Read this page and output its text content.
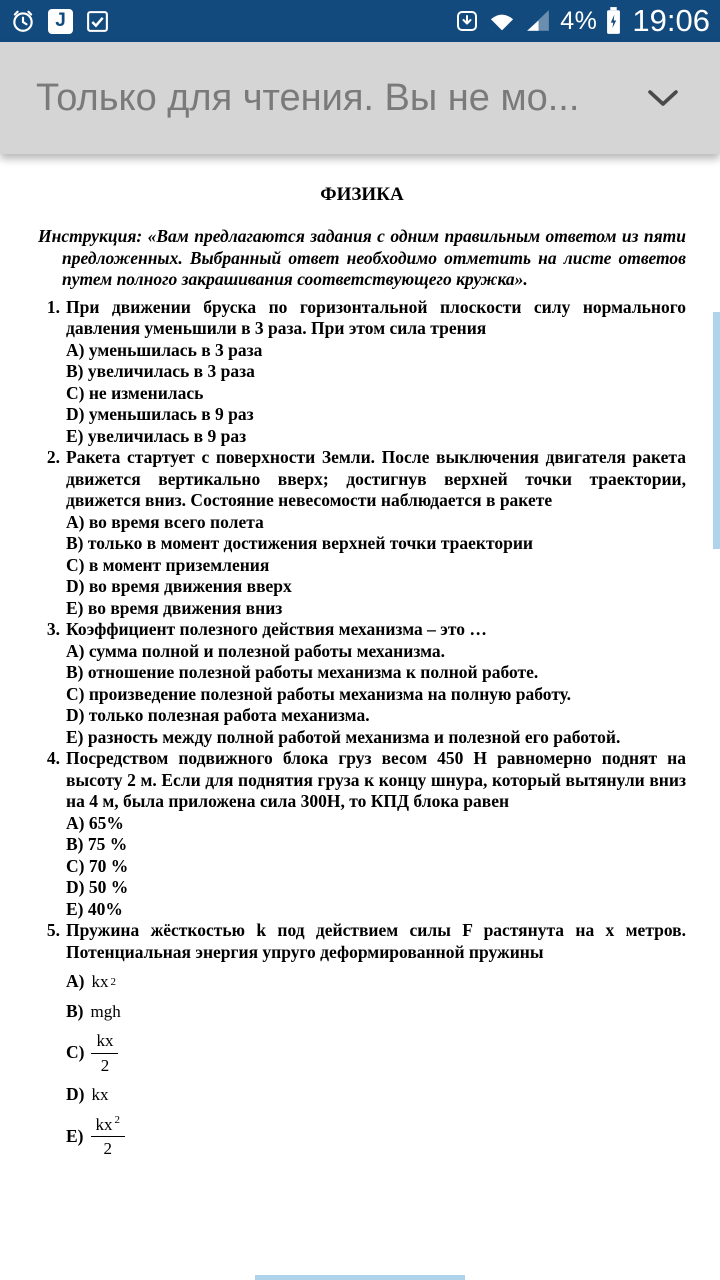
J	4% 19:06
Только для чтения. Вы не мо...
ФИЗИКА

Инструкция: «Вам предлагаются задания с одним правильным ответом из пяти предложенных. Выбранный ответ необходимо отметить на листе ответов путем полного закрашивания соответствующего кружка».

1. При движении бруска по горизонтальной плоскости силу нормального давления уменьшили в 3 раза. При этом сила трения
A) уменьшилась в 3 раза
B) увеличилась в 3 раза
C) не изменилась
D) уменьшилась в 9 раз
E) увеличилась в 9 раз
2. Ракета стартует с поверхности Земли. После выключения двигателя ракета движется вертикально вверх; достигнув верхней точки траектории, движется вниз. Состояние невесомости наблюдается в ракете
A) во время всего полета
B) только в момент достижения верхней точки траектории
C) в момент приземления
D) во время движения вверх
E) во время движения вниз
3. Коэффициент полезного действия механизма – это …
A) сумма полной и полезной работы механизма.
B) отношение полезной работы механизма к полной работе.
C) произведение полезной работы механизма на полную работу.
D) только полезная работа механизма.
E) разность между полной работой механизма и полезной его работой.
4. Посредством подвижного блока груз весом 450 Н равномерно поднят на высоту 2 м. Если для поднятия груза к концу шнура, который вытянули вниз на 4 м, была приложена сила 300Н, то КПД блока равен
A) 65%
B) 75 %
C) 70 %
D) 50 %
E) 40%
5. Пружина жёсткостью k под действием силы F растянута на x метров. Потенциальная энергия упруго деформированной пружины
A) kx 2
B) mgh
$C) \frac{kx}{2}$
D) kx
$E) \frac{kx ^2}{2}$
